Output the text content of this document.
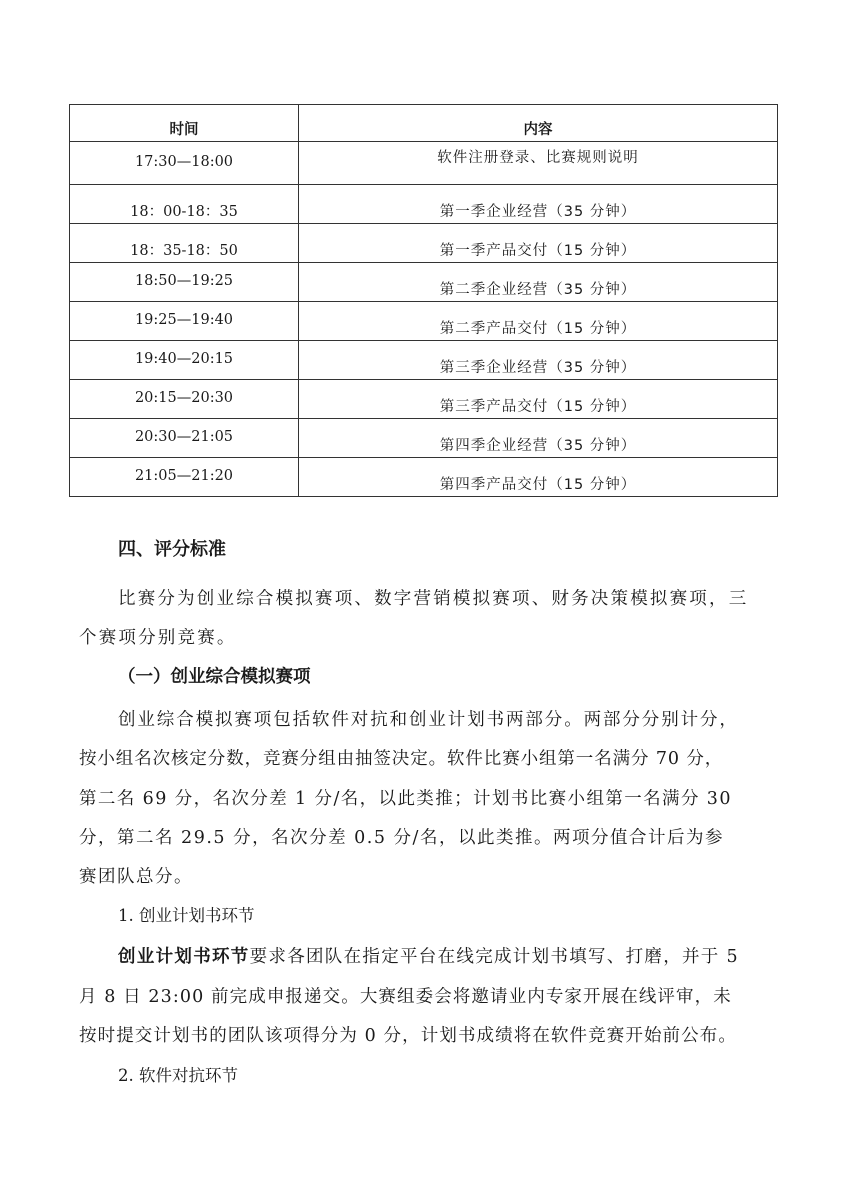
时间	内容
17:30—18:00	软件注册登录、比赛规则说明
18：00-18：35	第一季企业经营（35 分钟）
18：35-18：50	第一季产品交付（15 分钟）
18:50—19:25	第二季企业经营（35 分钟）
19:25—19:40	第二季产品交付（15 分钟）
19:40—20:15	第三季企业经营（35 分钟）
20:15—20:30	第三季产品交付（15 分钟）
20:30—21:05	第四季企业经营（35 分钟）
21:05—21:20	第四季产品交付（15 分钟）
四、评分标准
比赛分为创业综合模拟赛项、数字营销模拟赛项、财务决策模拟赛项，三
个赛项分别竞赛。
（一）创业综合模拟赛项
创业综合模拟赛项包括软件对抗和创业计划书两部分。两部分分别计分，
按小组名次核定分数，竞赛分组由抽签决定。软件比赛小组第一名满分 70 分，
第二名 69 分，名次分差 1 分/名，以此类推；计划书比赛小组第一名满分 30
分，第二名 29.5 分，名次分差 0.5 分/名，以此类推。两项分值合计后为参
赛团队总分。
1. 创业计划书环节
创业计划书环节要求各团队在指定平台在线完成计划书填写、打磨，并于 5
月 8 日 23:00 前完成申报递交。大赛组委会将邀请业内专家开展在线评审，未
按时提交计划书的团队该项得分为 0 分，计划书成绩将在软件竞赛开始前公布。
2. 软件对抗环节
